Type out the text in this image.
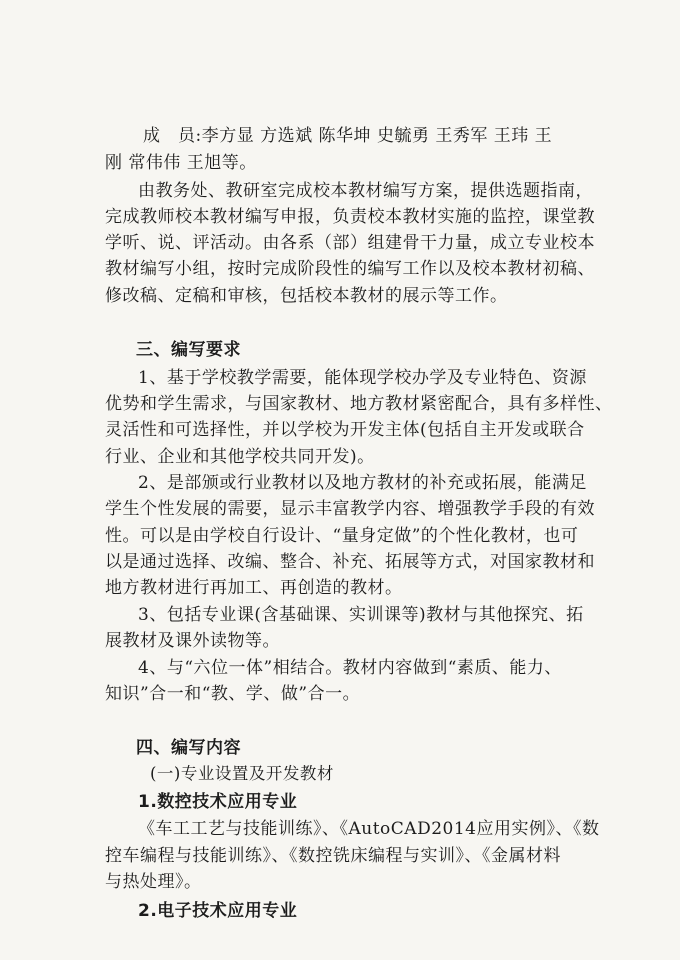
成　员:李方显 方选斌 陈华坤 史毓勇 王秀军 王玮 王
刚 常伟伟 王旭等。
由教务处、教研室完成校本教材编写方案，提供选题指南，
完成教师校本教材编写申报，负责校本教材实施的监控，课堂教
学听、说、评活动。由各系（部）组建骨干力量，成立专业校本
教材编写小组，按时完成阶段性的编写工作以及校本教材初稿、
修改稿、定稿和审核，包括校本教材的展示等工作。
三、编写要求
1、基于学校教学需要，能体现学校办学及专业特色、资源
优势和学生需求，与国家教材、地方教材紧密配合，具有多样性、
灵活性和可选择性，并以学校为开发主体(包括自主开发或联合
行业、企业和其他学校共同开发)。
2、是部颁或行业教材以及地方教材的补充或拓展，能满足
学生个性发展的需要，显示丰富教学内容、增强教学手段的有效
性。可以是由学校自行设计、“量身定做”的个性化教材，也可
以是通过选择、改编、整合、补充、拓展等方式，对国家教材和
地方教材进行再加工、再创造的教材。
3、包括专业课(含基础课、实训课等)教材与其他探究、拓
展教材及课外读物等。
4、与“六位一体”相结合。教材内容做到“素质、能力、
知识”合一和“教、学、做”合一。
四、编写内容
(一)专业设置及开发教材
1.数控技术应用专业
《车工工艺与技能训练》、《AutoCAD2014应用实例》、《数
控车编程与技能训练》、《数控铣床编程与实训》、《金属材料
与热处理》。
2.电子技术应用专业
